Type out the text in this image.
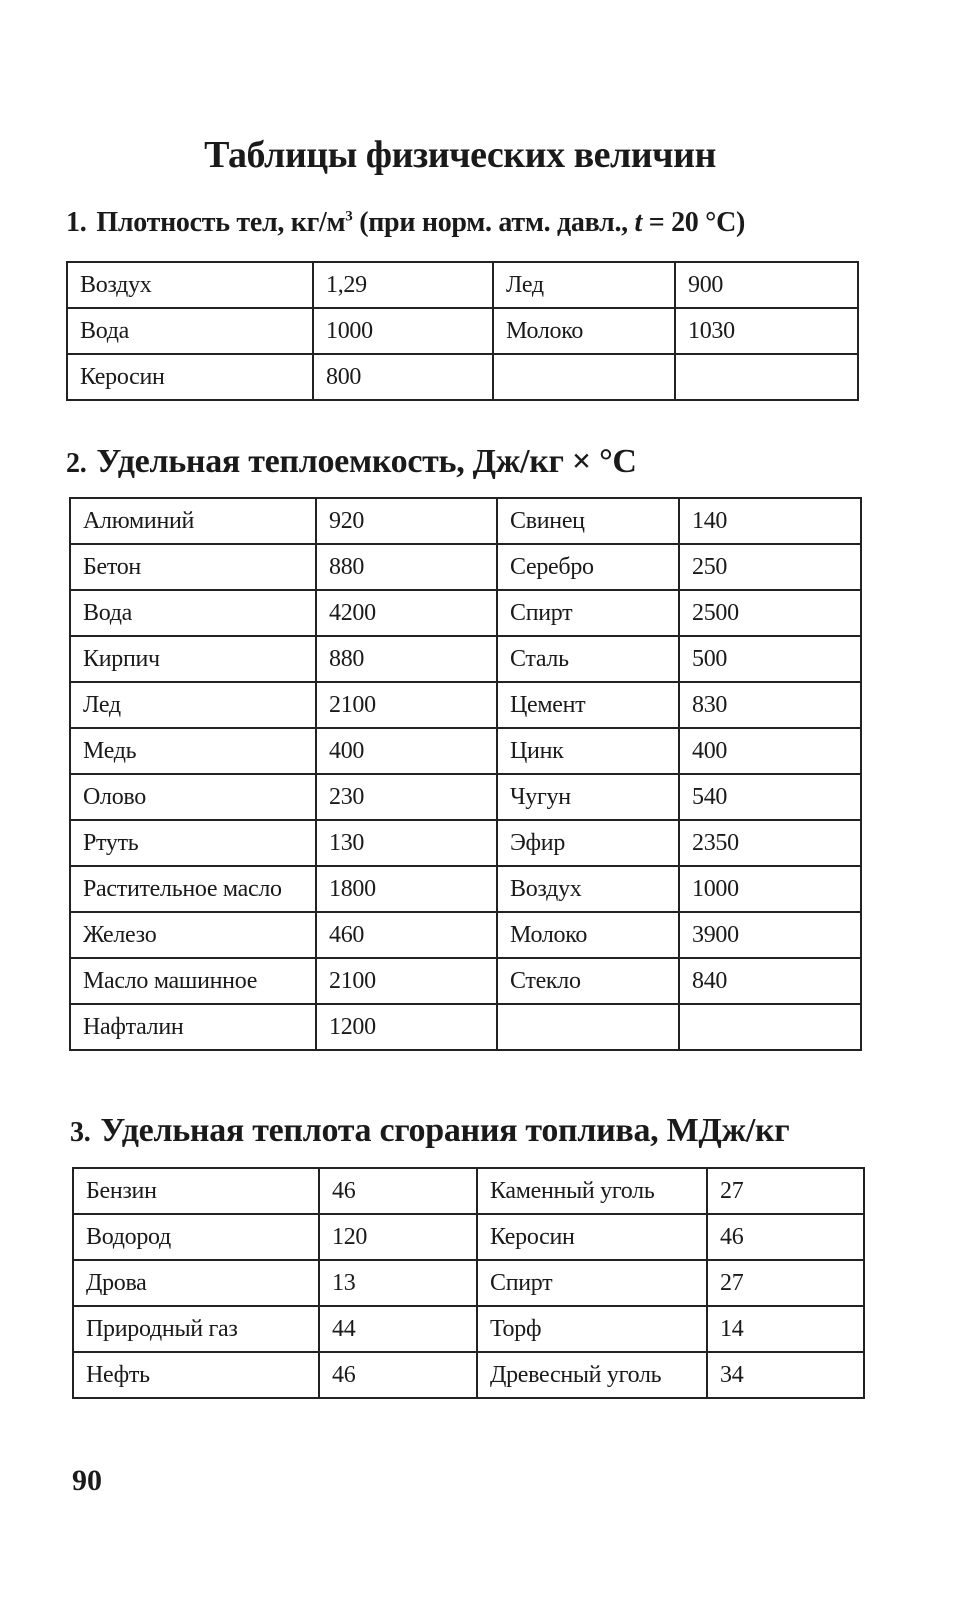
Таблицы физических величин
1. Плотность тел, $кг/м^3$ (при норм. атм. давл., t = 20 °С)
Воздух	1,29	Лед	900
Вода	1000	Молоко	1030
Керосин	800		
2. Удельная теплоемкость, Дж/кг × °С
Алюминий	920	Свинец	140
Бетон	880	Серебро	250
Вода	4200	Спирт	2500
Кирпич	880	Сталь	500
Лед	2100	Цемент	830
Медь	400	Цинк	400
Олово	230	Чугун	540
Ртуть	130	Эфир	2350
Растительное масло	1800	Воздух	1000
Железо	460	Молоко	3900
Масло машинное	2100	Стекло	840
Нафталин	1200		
3. Удельная теплота сгорания топлива, МДж/кг
Бензин	46	Каменный уголь	27
Водород	120	Керосин	46
Дрова	13	Спирт	27
Природный газ	44	Торф	14
Нефть	46	Древесный уголь	34
90
